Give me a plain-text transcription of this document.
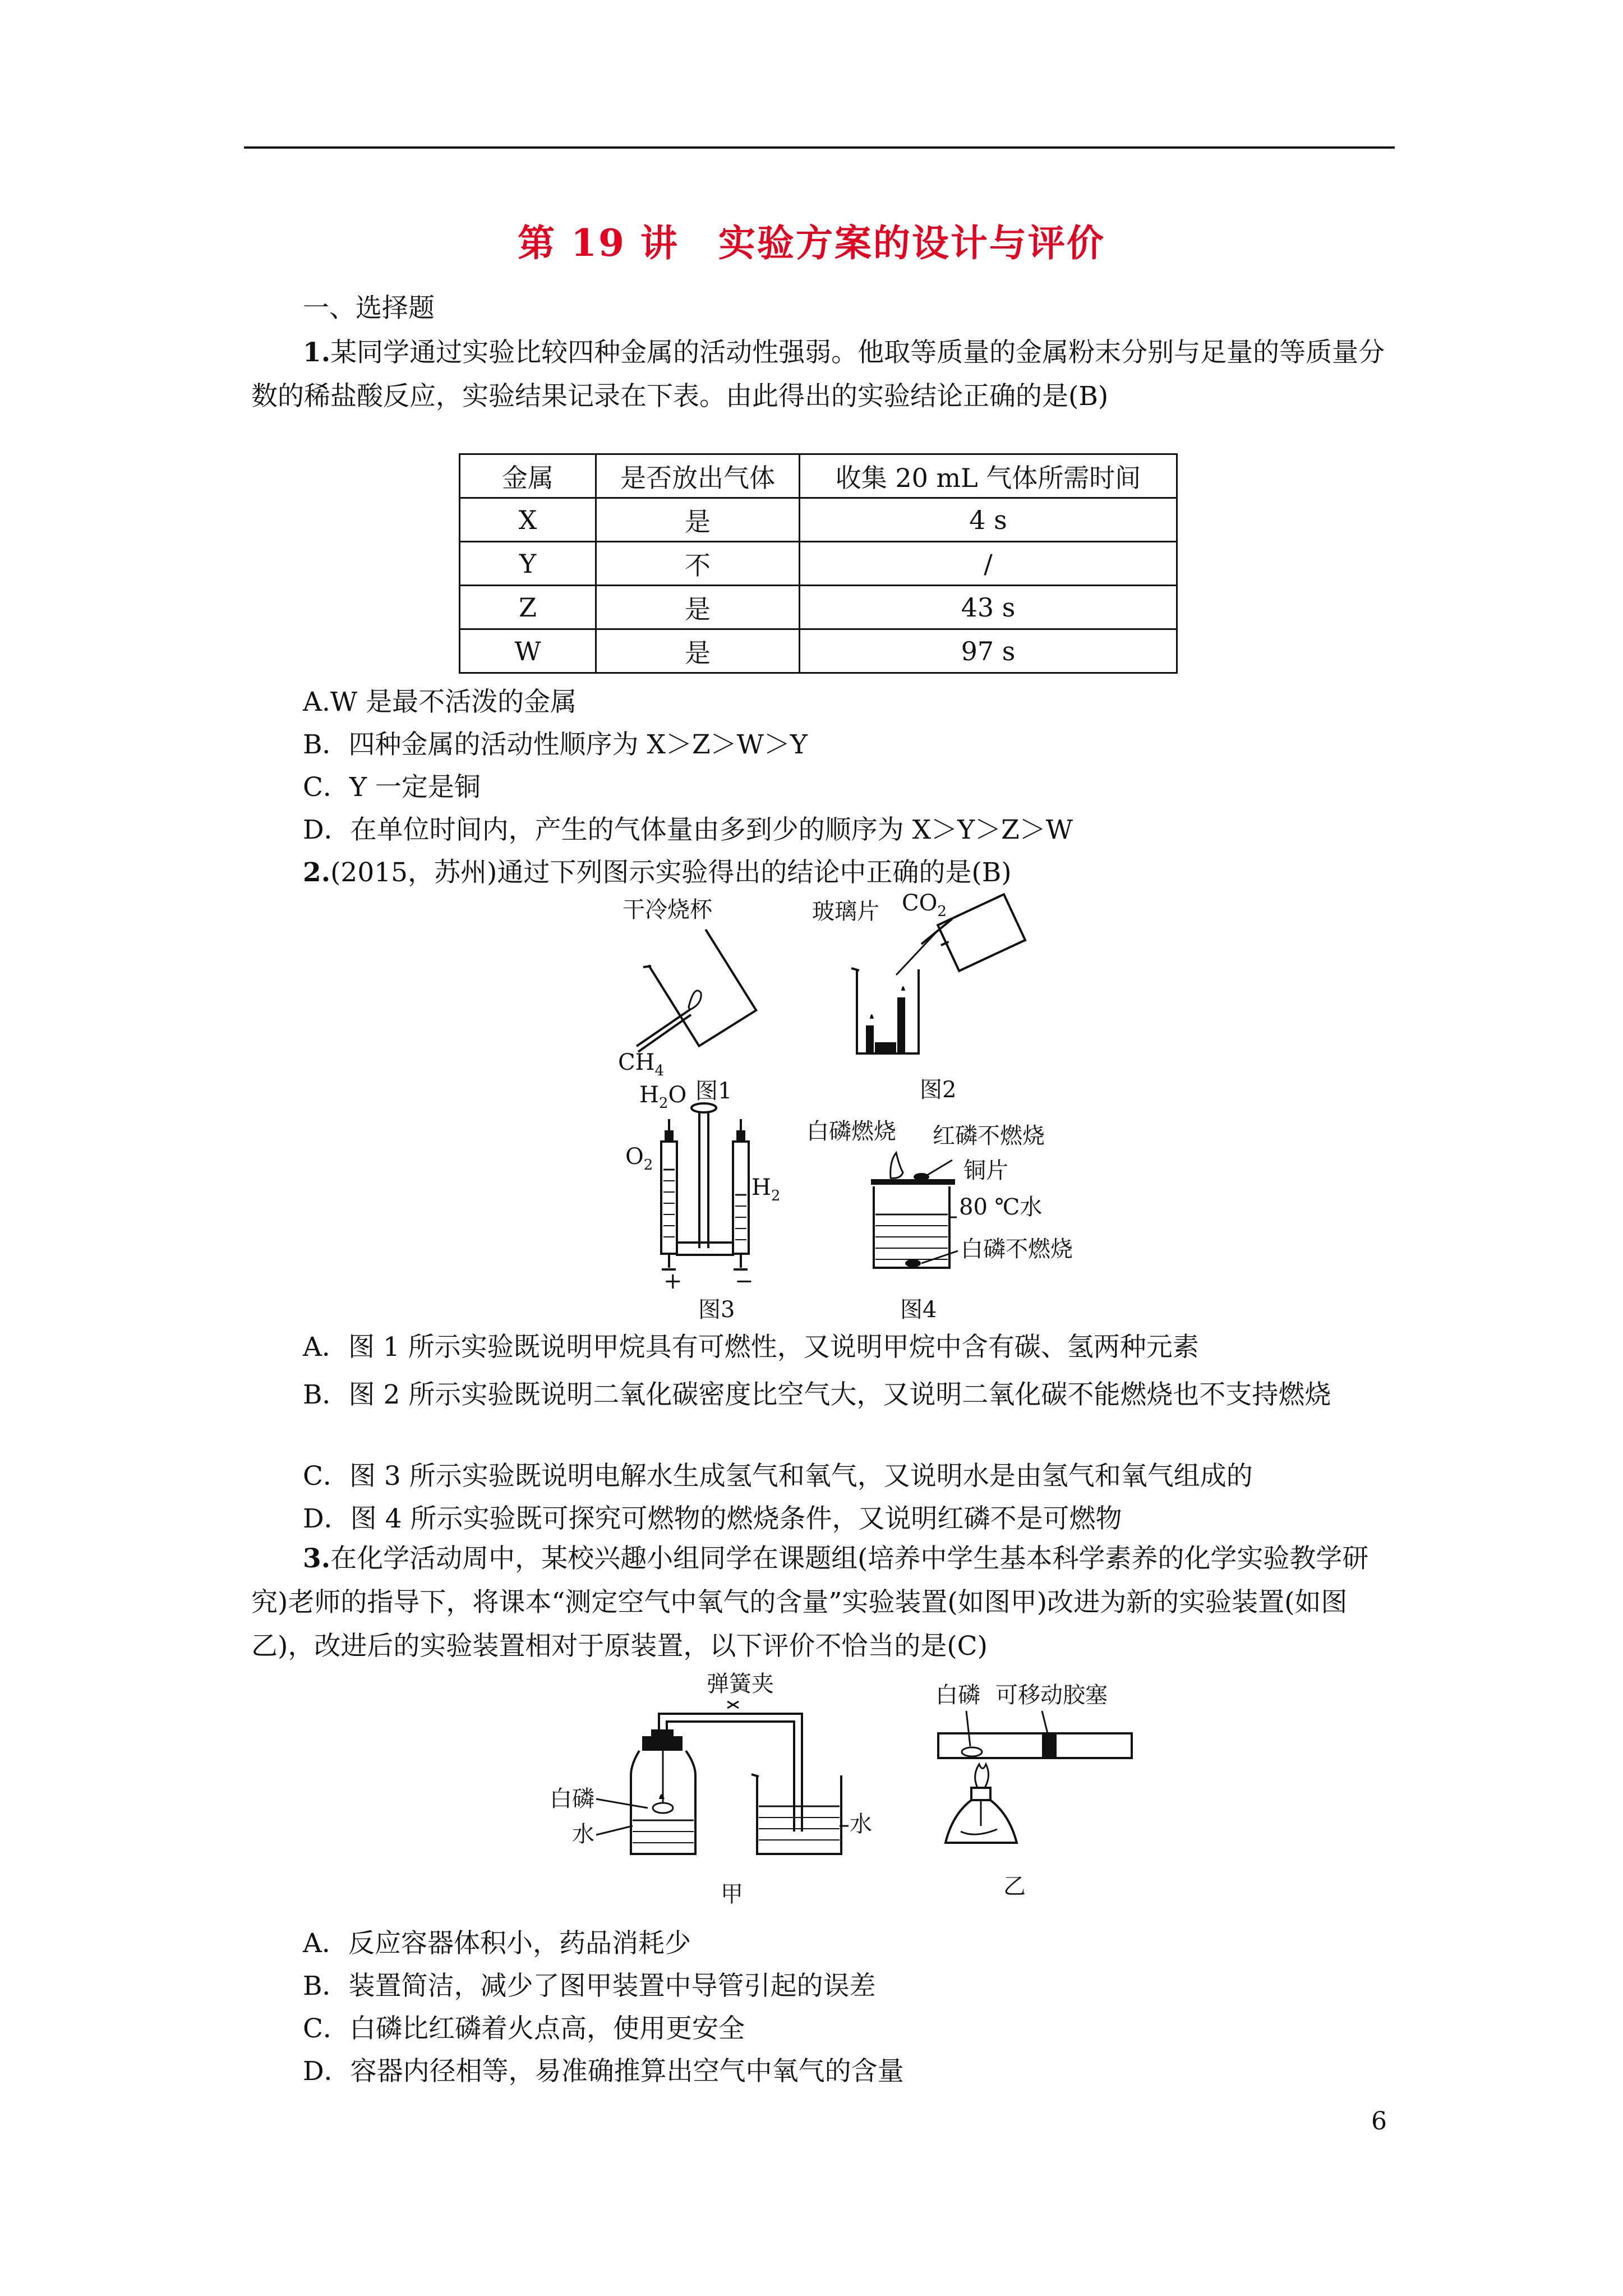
第 19 讲 实验方案的设计与评价
一、选择题
1.某同学通过实验比较四种金属的活动性强弱。他取等质量的金属粉末分别与足量的等质量分数的稀盐酸反应，实验结果记录在下表。由此得出的实验结论正确的是(B)
金属	是否放出气体	收集 20 mL 气体所需时间
X	是	4 s
Y	不	/
Z	是	43 s
W	是	97 s
A.W 是最不活泼的金属
B．四种金属的活动性顺序为 X＞Z＞W＞Y
C．Y 一定是铜
D．在单位时间内，产生的气体量由多到少的顺序为 X＞Y＞Z＞W
2.(2015，苏州)通过下列图示实验得出的结论中正确的是(B)
干冷烧杯
$CH_4$
图1
玻璃片 $CO_2$
图2
$H_2O$
$O_2$
$H_2$
+ −
图3
白磷燃烧 红磷不燃烧
铜片
80 ℃水
白磷不燃烧
图4
A．图 1 所示实验既说明甲烷具有可燃性，又说明甲烷中含有碳、氢两种元素
B．图 2 所示实验既说明二氧化碳密度比空气大，又说明二氧化碳不能燃烧也不支持燃烧
C．图 3 所示实验既说明电解水生成氢气和氧气，又说明水是由氢气和氧气组成的
D．图 4 所示实验既可探究可燃物的燃烧条件，又说明红磷不是可燃物
3.在化学活动周中，某校兴趣小组同学在课题组(培养中学生基本科学素养的化学实验教学研究)老师的指导下，将课本“测定空气中氧气的含量”实验装置(如图甲)改进为新的实验装置(如图乙)，改进后的实验装置相对于原装置，以下评价不恰当的是(C)
弹簧夹
白磷
水	水
甲
白磷 可移动胶塞
乙
A．反应容器体积小，药品消耗少
B．装置简洁，减少了图甲装置中导管引起的误差
C．白磷比红磷着火点高，使用更安全
D．容器内径相等，易准确推算出空气中氧气的含量
6
